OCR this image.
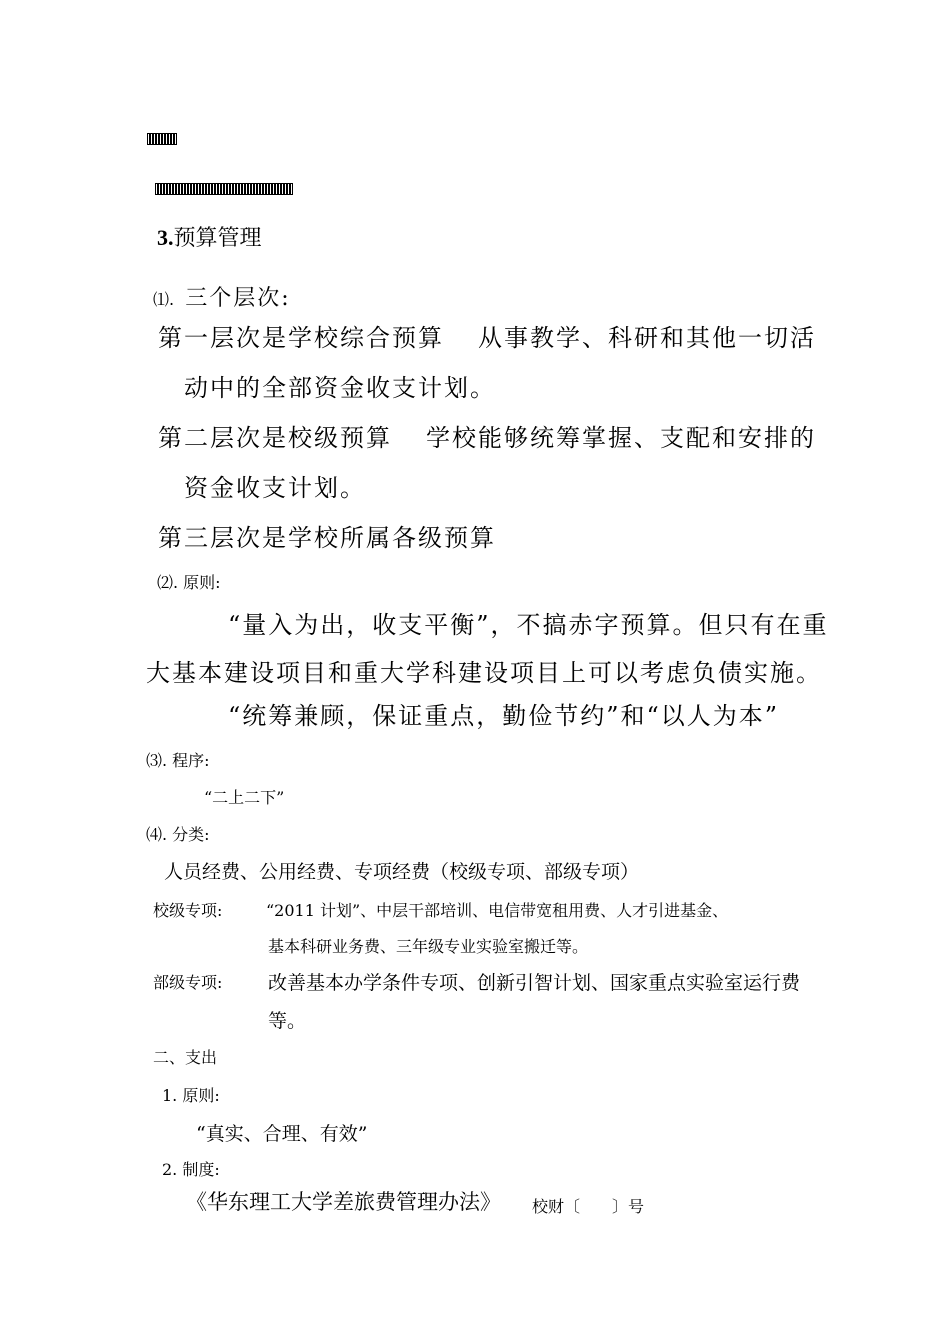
3.预算管理
⑴. 三个层次:
第一层次是学校综合预算 从事教学、科研和其他一切活
动中的全部资金收支计划。
第二层次是校级预算 学校能够统筹掌握、支配和安排的
资金收支计划。
第三层次是学校所属各级预算
⑵. 原则:
“量入为出，收支平衡”，不搞赤字预算。但只有在重
大基本建设项目和重大学科建设项目上可以考虑负债实施。
“统筹兼顾，保证重点，勤俭节约”和“以人为本”
⑶. 程序:
“二上二下”
⑷. 分类:
人员经费、公用经费、专项经费（校级专项、部级专项）
校级专项:	“2011 计划”、中层干部培训、电信带宽租用费、人才引进基金、
基本科研业务费、三年级专业实验室搬迁等。
部级专项: 改善基本办学条件专项、创新引智计划、国家重点实验室运行费
等。
二、支出
1. 原则:
“真实、合理、有效”
2. 制度:
《华东理工大学差旅费管理办法》 校财〔　　〕号
